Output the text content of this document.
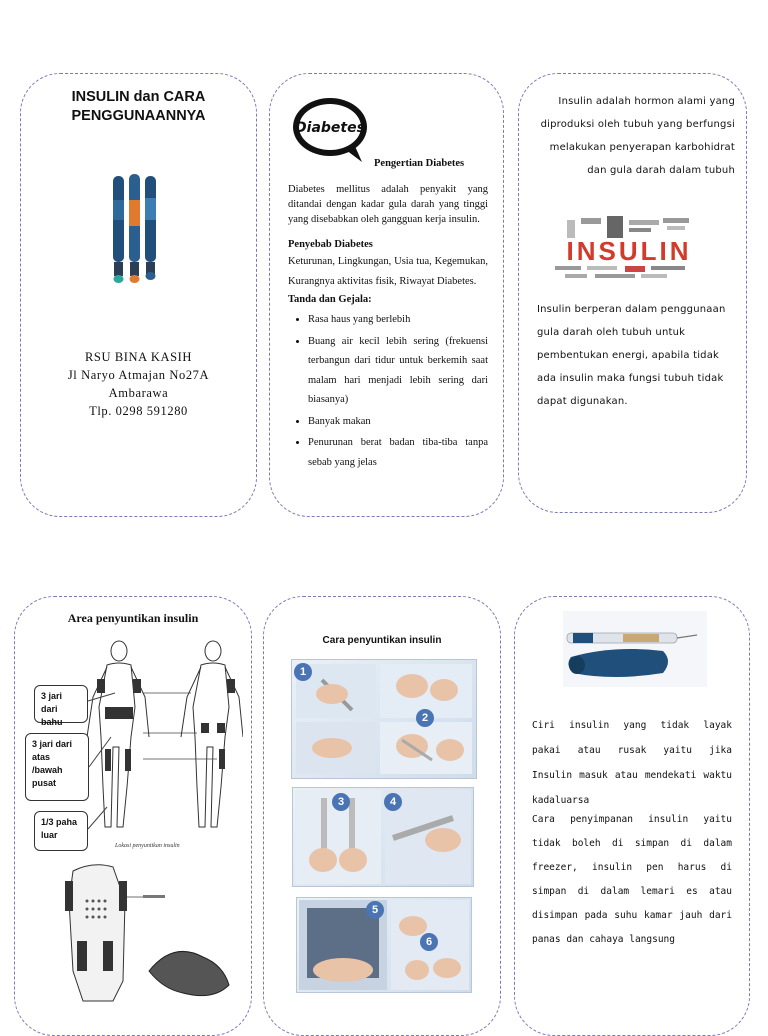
INSULIN dan CARA
PENGGUNAANNYA
RSU BINA KASIH
Jl Naryo Atmajan No27A
Ambarawa
Tlp. 0298 591280
Diabetes
Pengertian Diabetes
Diabetes mellitus adalah penyakit yang ditandai dengan kadar gula darah yang tinggi yang disebabkan oleh gangguan kerja insulin.
Penyebab Diabetes
Keturunan, Lingkungan, Usia tua, Kegemukan, Kurangnya aktivitas fisik, Riwayat Diabetes.
Tanda dan Gejala:
• Rasa haus yang berlebih
• Buang air kecil lebih sering (frekuensi terbangun dari tidur untuk berkemih saat malam hari menjadi lebih sering dari biasanya)
• Banyak makan
• Penurunan berat badan tiba-tiba tanpa sebab yang jelas
Insulin adalah hormon alami yang diproduksi oleh tubuh yang berfungsi melakukan penyerapan karbohidrat dan gula darah dalam tubuh
INSULIN
Insulin berperan dalam penggunaan gula darah oleh tubuh untuk pembentukan energi, apabila tidak ada insulin maka fungsi tubuh tidak dapat digunakan.
Area penyuntikan insulin
3 jari dari bahu
3 jari dari atas /bawah pusat
1/3 paha luar
Lokasi penyuntikan insulin
Cara penyuntikan insulin
1
2
3	4
5
6
Ciri insulin yang tidak layak pakai atau rusak yaitu jika Insulin masuk atau mendekati waktu kadaluarsa
Cara penyimpanan insulin yaitu tidak boleh di simpan di dalam freezer, insulin pen harus di simpan di dalam lemari es atau disimpan pada suhu kamar jauh dari panas dan cahaya langsung
